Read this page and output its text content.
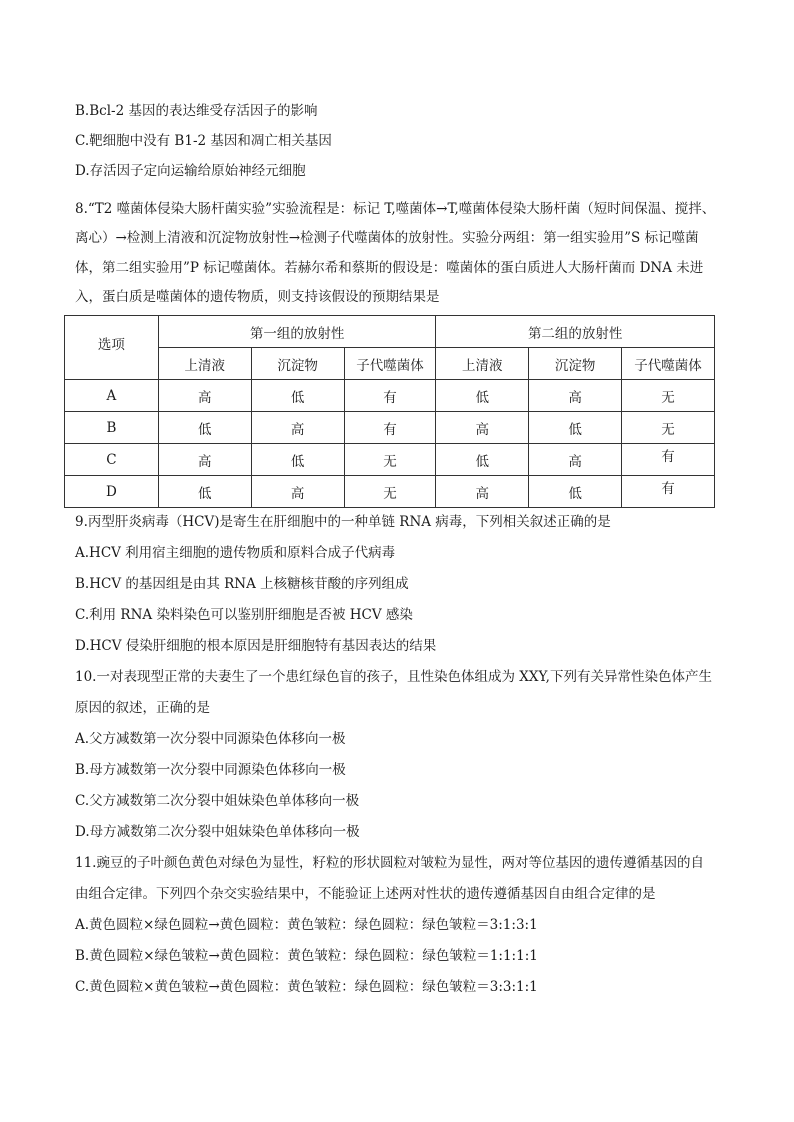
B.Bcl-2 基因的表达维受存活因子的影响
C.靶细胞中没有 B1-2 基因和凋亡相关基因
D.存活因子定向运输给原始神经元细胞
8.“T2 噬菌体侵染大肠杆菌实验”实验流程是：标记 T,噬菌体→T,噬菌体侵染大肠杆菌（短时间保温、搅拌、
离心）→检测上清液和沉淀物放射性→检测子代噬菌体的放射性。实验分两组：第一组实验用”S 标记噬菌
体，第二组实验用”P 标记噬菌体。若赫尔希和蔡斯的假设是：噬菌体的蛋白质进人大肠杆菌而 DNA 未进
入，蛋白质是噬菌体的遗传物质，则支持该假设的预期结果是
选项	第一组的放射性			第二组的放射性		
	上清液	沉淀物	子代噬菌体	上清液	沉淀物	子代噬菌体
A	高	低	有	低	高	无
B	低	高	有	高	低	无
C	高	低	无	低	高	有
D	低	高	无	高	低	有
9.丙型肝炎病毒（HCV)是寄生在肝细胞中的一种单链 RNA 病毒，下列相关叙述正确的是
A.HCV 利用宿主细胞的遗传物质和原料合成子代病毒
B.HCV 的基因组是由其 RNA 上核糖核苷酸的序列组成
C.利用 RNA 染料染色可以鉴别肝细胞是否被 HCV 感染
D.HCV 侵染肝细胞的根本原因是肝细胞特有基因表达的结果
10.一对表现型正常的夫妻生了一个患红绿色盲的孩子，且性染色体组成为 XXY,下列有关异常性染色体产生
原因的叙述，正确的是
A.父方减数第一次分裂中同源染色体移向一极
B.母方减数第一次分裂中同源染色体移向一极
C.父方减数第二次分裂中姐妹染色单体移向一极
D.母方减数第二次分裂中姐妹染色单体移向一极
11.豌豆的子叶颜色黄色对绿色为显性，籽粒的形状圆粒对皱粒为显性，两对等位基因的遗传遵循基因的自
由组合定律。下列四个杂交实验结果中，不能验证上述两对性状的遗传遵循基因自由组合定律的是
A.黄色圆粒×绿色圆粒→黄色圆粒：黄色皱粒：绿色圆粒：绿色皱粒＝3:1:3:1
B.黄色圆粒×绿色皱粒→黄色圆粒：黄色皱粒：绿色圆粒：绿色皱粒＝1:1:1:1
C.黄色圆粒×黄色皱粒→黄色圆粒：黄色皱粒：绿色圆粒：绿色皱粒＝3:3:1:1
